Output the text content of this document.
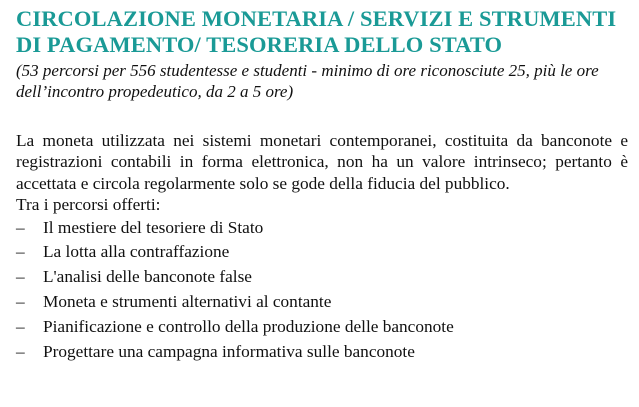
CIRCOLAZIONE MONETARIA / SERVIZI E STRUMENTI
DI PAGAMENTO/ TESORERIA DELLO STATO

(53 percorsi per 556 studentesse e studenti - minimo di ore riconosciute 25, più le ore dell’incontro propedeutico, da 2 a 5 ore)

La moneta utilizzata nei sistemi monetari contemporanei, costituita da banconote e registrazioni contabili in forma elettronica, non ha un valore intrinseco; pertanto è accettata e circola regolarmente solo se gode della fiducia del pubblico.

Tra i percorsi offerti:

– Il mestiere del tesoriere di Stato
– La lotta alla contraffazione
– L'analisi delle banconote false
– Moneta e strumenti alternativi al contante
– Pianificazione e controllo della produzione delle banconote
– Progettare una campagna informativa sulle banconote
